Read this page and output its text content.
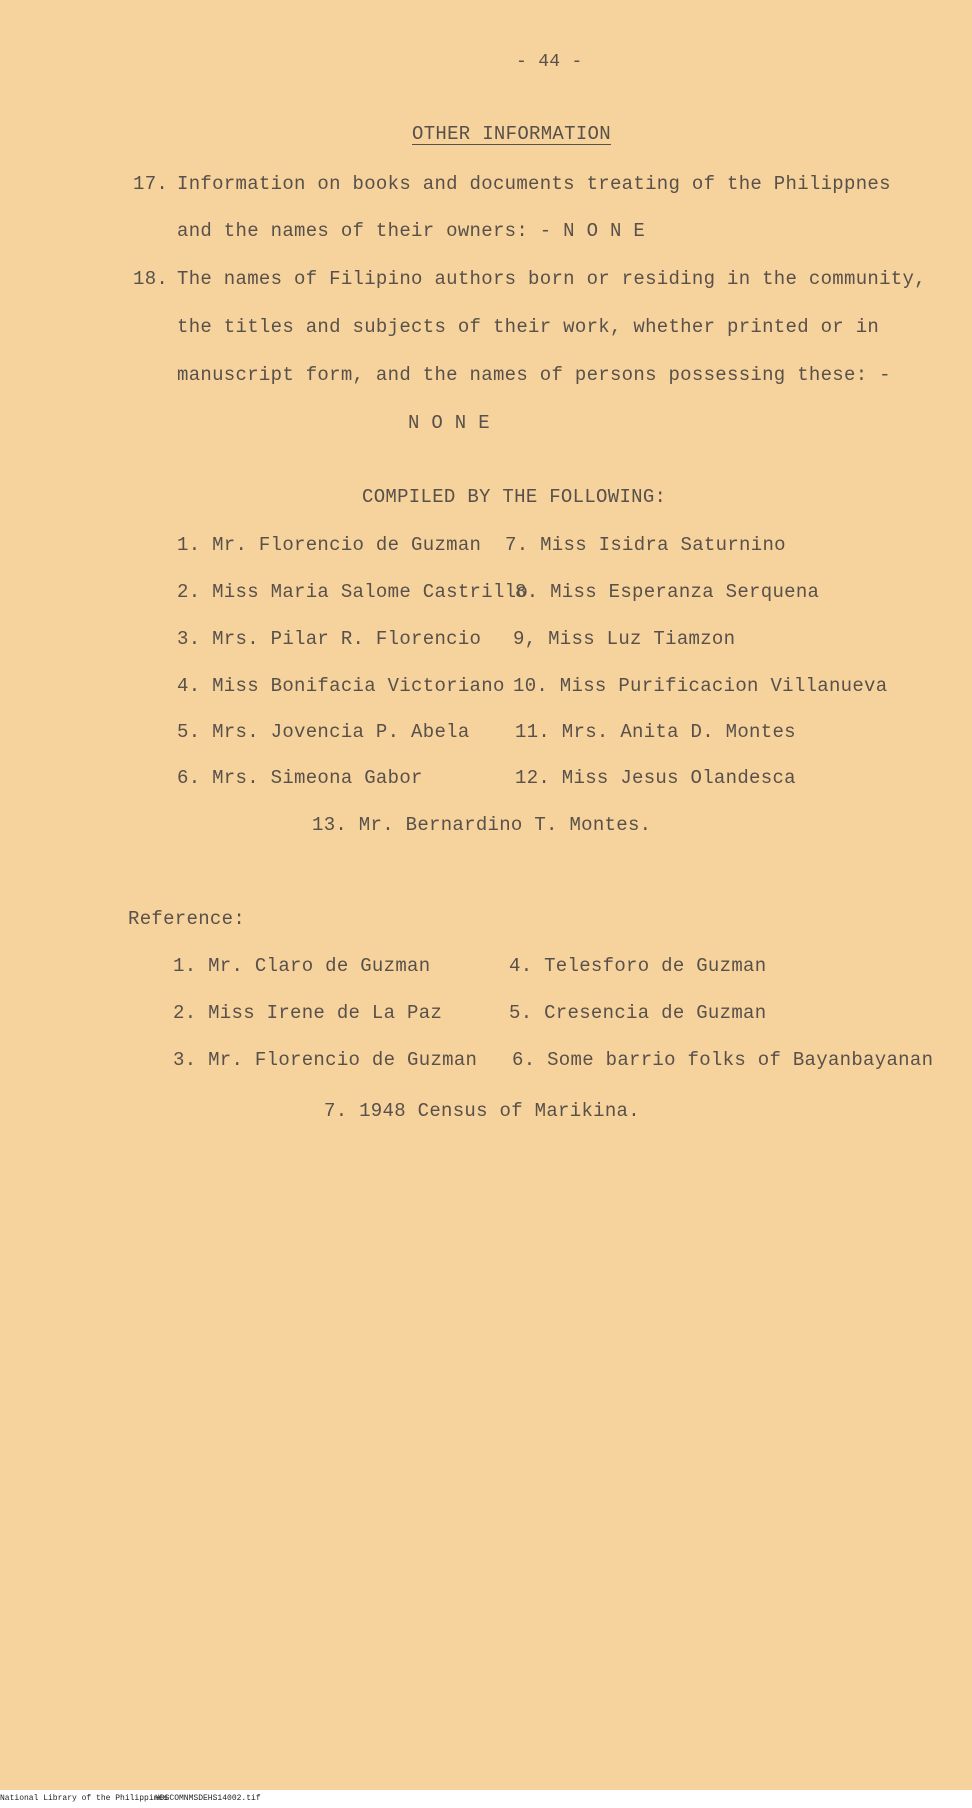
- 44 -
OTHER INFORMATION
17. Information on books and documents treating of the Philippnes
and the names of their owners: - N O N E
18. The names of Filipino authors born or residing in the community,
the titles and subjects of their work, whether printed or in
manuscript form, and the names of persons possessing these: -
N O N E
COMPILED BY THE FOLLOWING:
1. Mr. Florencio de Guzman
2. Miss Maria Salome Castrillo
3. Mrs. Pilar R. Florencio
4. Miss Bonifacia Victoriano
5. Mrs. Jovencia P. Abela
6. Mrs. Simeona Gabor
7. Miss Isidra Saturnino
8. Miss Esperanza Serquena
9, Miss Luz Tiamzon
10. Miss Purificacion Villanueva
11. Mrs. Anita D. Montes
12. Miss Jesus Olandesca
13. Mr. Bernardino T. Montes.
Reference:
1. Mr. Claro de Guzman
2. Miss Irene de La Paz
3. Mr. Florencio de Guzman
4. Telesforo de Guzman
5. Cresencia de Guzman
6. Some barrio folks of Bayanbayanan
7. 1948 Census of Marikina.
National Library of the Philippines
HDSCOMNMSDEHS14002.tif
